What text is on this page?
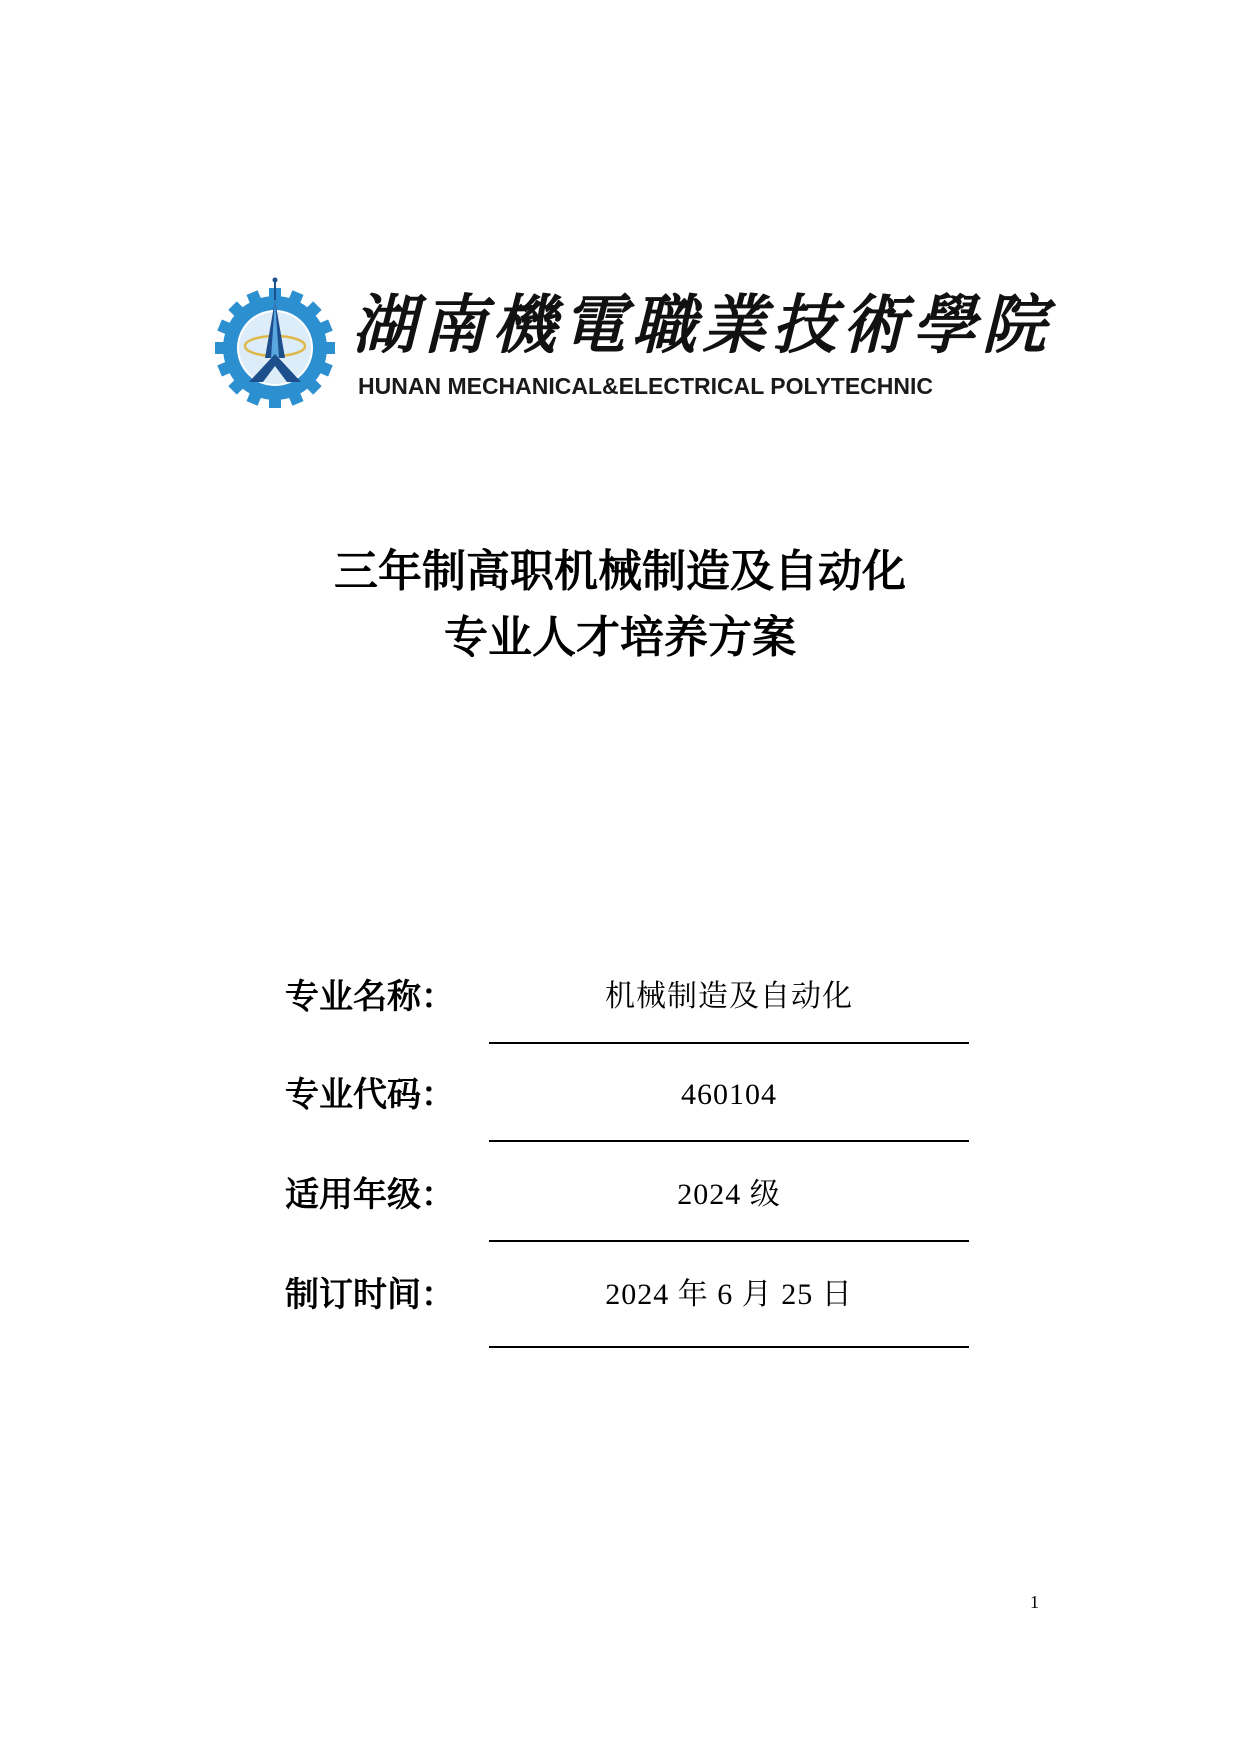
湖南機電職業技術學院
HUNAN MECHANICAL&ELECTRICAL POLYTECHNIC

三年制高职机械制造及自动化

专业人才培养方案

专业名称：	机械制造及自动化
专业代码：	460104
适用年级：	2024 级
制订时间：	2024 年 6 月 25 日
1
